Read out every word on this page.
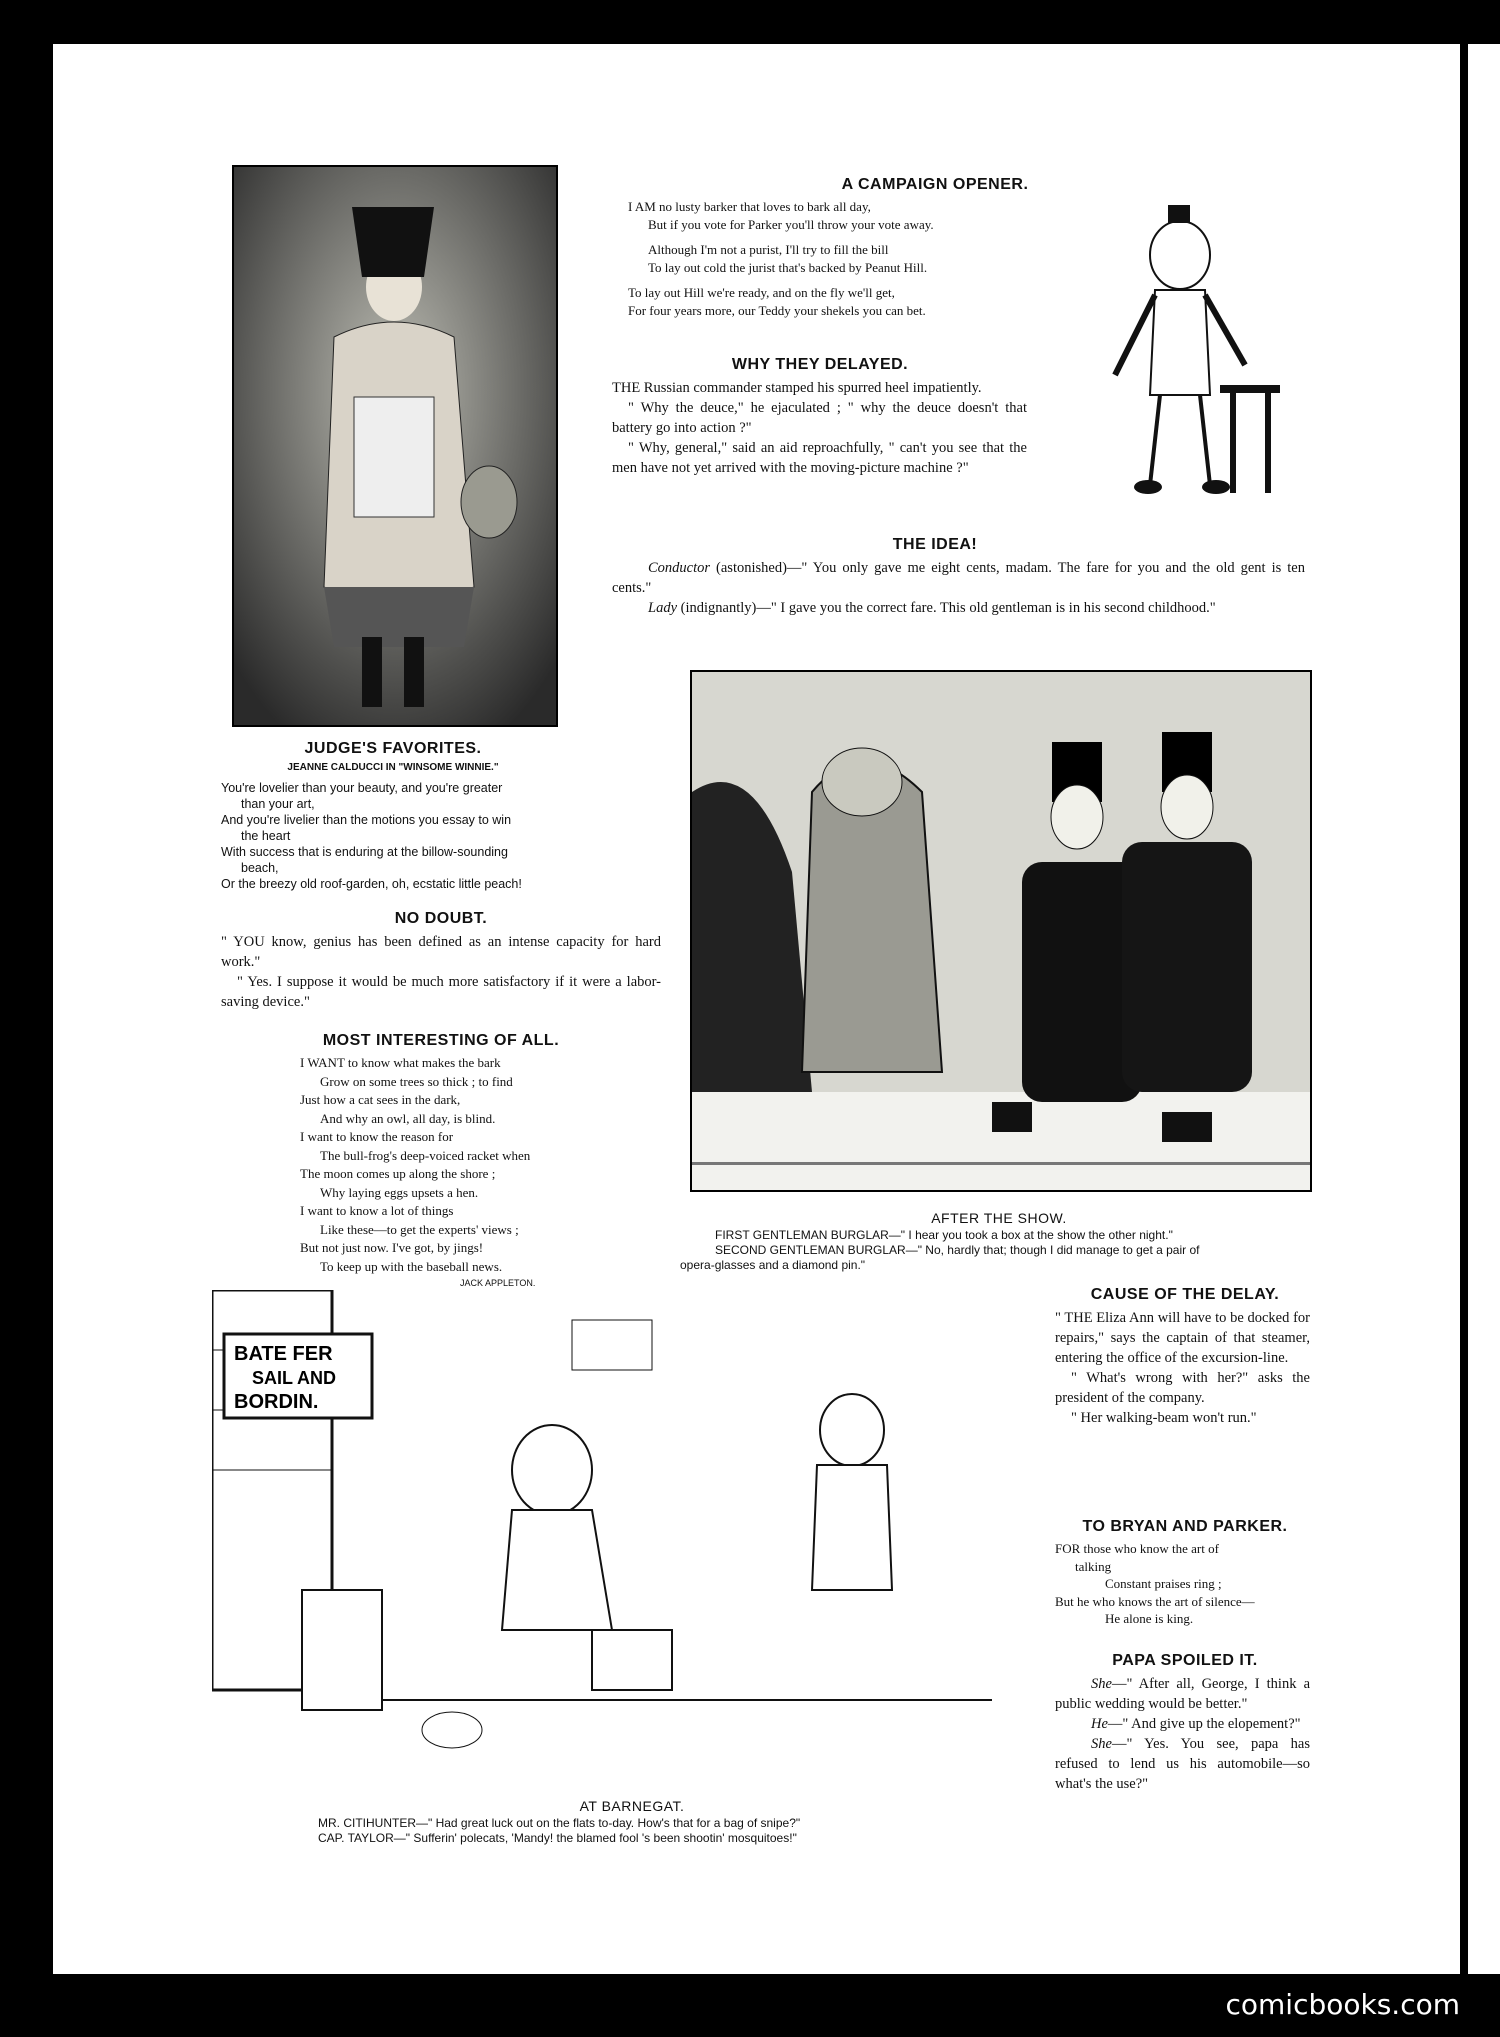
JUDGE'S FAVORITES.
JEANNE CALDUCCI IN "WINSOME WINNIE."

You're lovelier than your beauty, and you're greater

than your art,

And you're livelier than the motions you essay to win

the heart

With success that is enduring at the billow-sounding

beach,

Or the breezy old roof-garden, oh, ecstatic little peach!

NO DOUBT.

" YOU know, genius has been defined as an intense capacity for hard work."

" Yes. I suppose it would be much more satisfactory if it were a labor-saving device."

MOST INTERESTING OF ALL.

I WANT to know what makes the bark

Grow on some trees so thick ; to find

Just how a cat sees in the dark,

And why an owl, all day, is blind.

I want to know the reason for

The bull-frog's deep-voiced racket when

The moon comes up along the shore ;

Why laying eggs upsets a hen.

I want to know a lot of things

Like these—to get the experts' views ;

But not just now. I've got, by jings!

To keep up with the baseball news.

JACK APPLETON.
A CAMPAIGN OPENER.

I AM no lusty barker that loves to bark all day,

But if you vote for Parker you'll throw your vote away.

Although I'm not a purist, I'll try to fill the bill

To lay out cold the jurist that's backed by Peanut Hill.

To lay out Hill we're ready, and on the fly we'll get,

For four years more, our Teddy your shekels you can bet.

WHY THEY DELAYED.

THE Russian commander stamped his spurred heel impatiently.

" Why the deuce," he ejaculated ; " why the deuce doesn't that battery go into action ?"

" Why, general," said an aid reproachfully, " can't you see that the men have not yet arrived with the moving-picture machine ?"

THE IDEA!

Conductor (astonished)—" You only gave me eight cents, madam. The fare for you and the old gent is ten cents."

Lady (indignantly)—" I gave you the correct fare. This old gentleman is in his second childhood."

AFTER THE SHOW.
FIRST GENTLEMAN BURGLAR—" I hear you took a box at the show the other night."
SECOND GENTLEMAN BURGLAR—" No, hardly that; though I did manage to get a pair of
opera-glasses and a diamond pin."
BATE FER
SAIL AND
BORDIN.
AT BARNEGAT.
MR. CITIHUNTER—" Had great luck out on the flats to-day. How's that for a bag of snipe?"
CAP. TAYLOR—" Sufferin' polecats, 'Mandy! the blamed fool 's been shootin' mosquitoes!"
CAUSE OF THE DELAY.

" THE Eliza Ann will have to be docked for repairs," says the captain of that steamer, entering the office of the excursion-line.

" What's wrong with her?" asks the president of the company.

" Her walking-beam won't run."

TO BRYAN AND PARKER.

FOR those who know the art of

talking

Constant praises ring ;

But he who knows the art of silence—

He alone is king.

PAPA SPOILED IT.

She—" After all, George, I think a public wedding would be better."

He—" And give up the elopement?"

She—" Yes. You see, papa has refused to lend us his automobile—so what's the use?"

comicbooks.com
